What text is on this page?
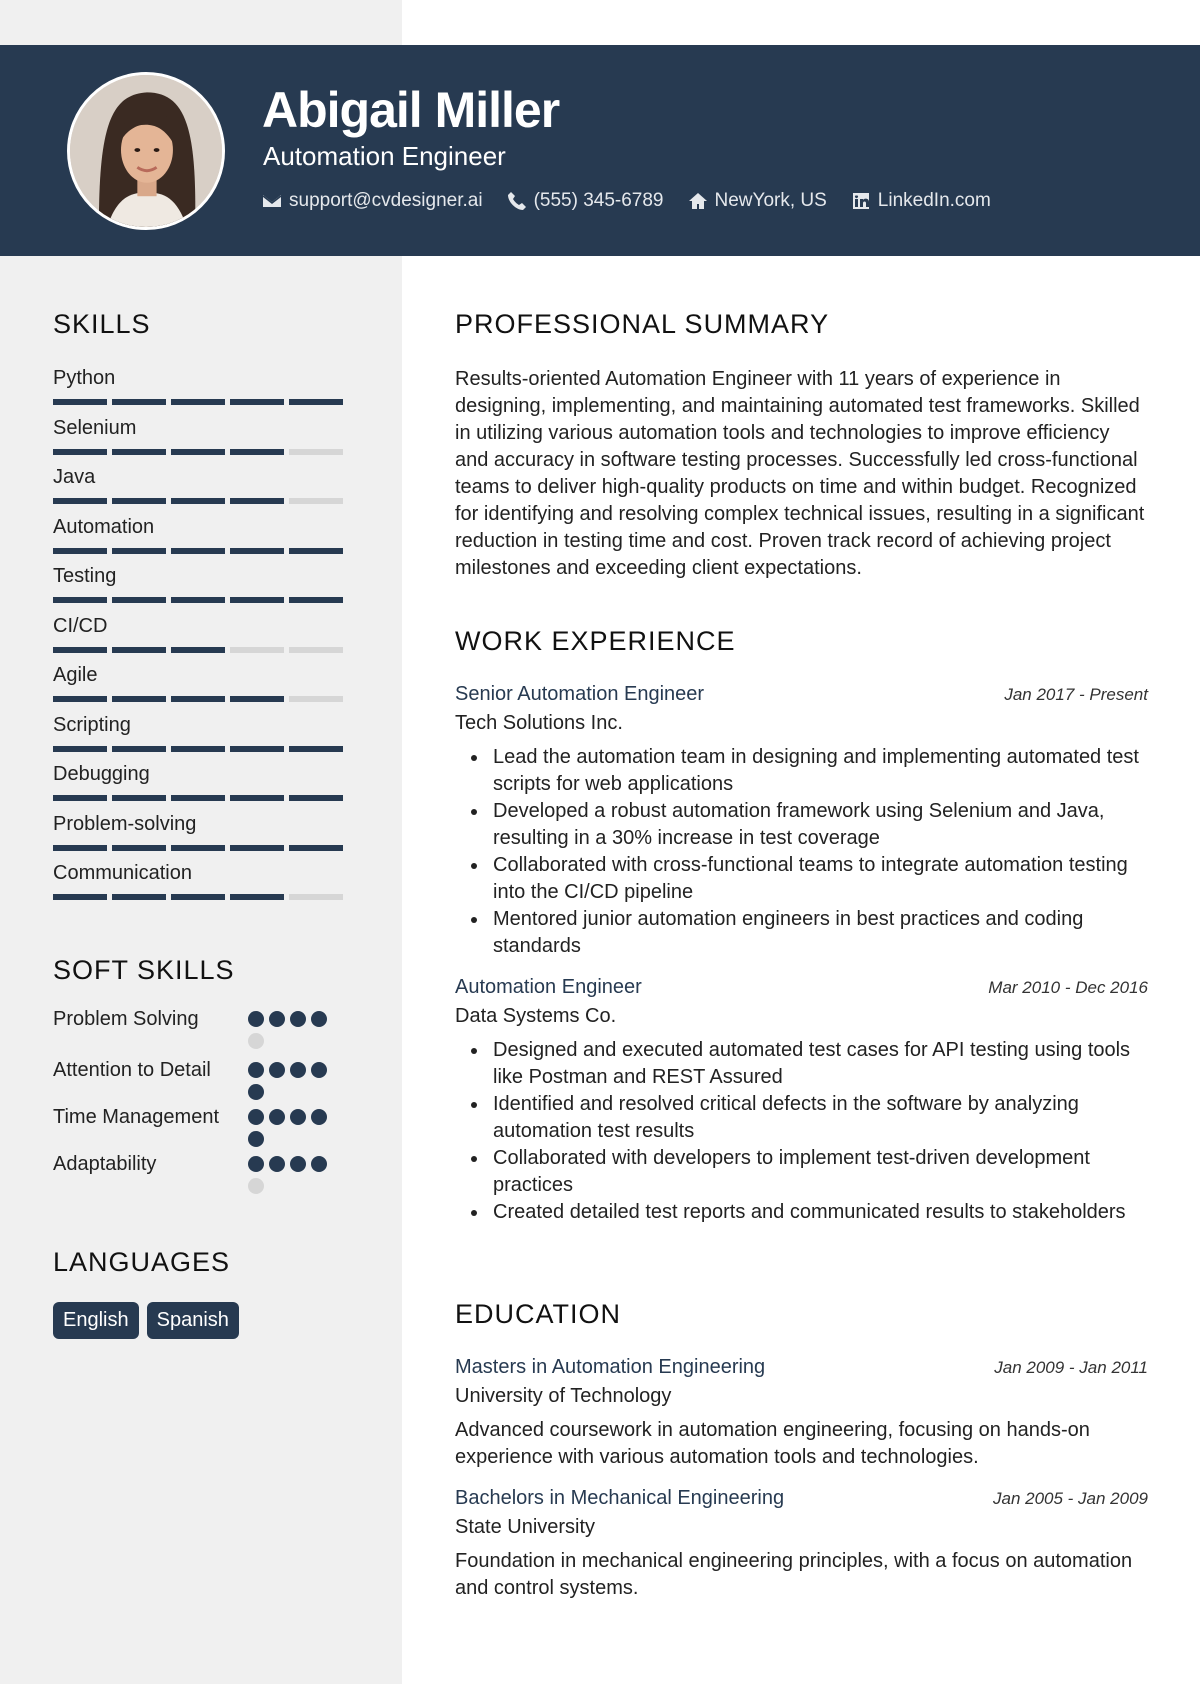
Abigail Miller
Automation Engineer
support@cvdesigner.ai	(555) 345-6789	NewYork, US	LinkedIn.com
SKILLS
Python
Selenium
Java
Automation
Testing
CI/CD
Agile
Scripting
Debugging
Problem-solving
Communication
SOFT SKILLS
Problem Solving
Attention to Detail
Time Management
Adaptability
LANGUAGES
English	Spanish
PROFESSIONAL SUMMARY

Results-oriented Automation Engineer with 11 years of experience in designing, implementing, and maintaining automated test frameworks. Skilled in utilizing various automation tools and technologies to improve efficiency and accuracy in software testing processes. Successfully led cross-functional teams to deliver high-quality products on time and within budget. Recognized for identifying and resolving complex technical issues, resulting in a significant reduction in testing time and cost. Proven track record of achieving project milestones and exceeding client expectations.

WORK EXPERIENCE
Senior Automation Engineer	Jan 2017 - Present
Tech Solutions Inc.
Lead the automation team in designing and implementing automated test scripts for web applications
Developed a robust automation framework using Selenium and Java, resulting in a 30% increase in test coverage
Collaborated with cross-functional teams to integrate automation testing into the CI/CD pipeline
Mentored junior automation engineers in best practices and coding standards
Automation Engineer	Mar 2010 - Dec 2016
Data Systems Co.
Designed and executed automated test cases for API testing using tools like Postman and REST Assured
Identified and resolved critical defects in the software by analyzing automation test results
Collaborated with developers to implement test-driven development practices
Created detailed test reports and communicated results to stakeholders
EDUCATION
Masters in Automation Engineering	Jan 2009 - Jan 2011
University of Technology

Advanced coursework in automation engineering, focusing on hands-on experience with various automation tools and technologies.

Bachelors in Mechanical Engineering	Jan 2005 - Jan 2009
State University

Foundation in mechanical engineering principles, with a focus on automation and control systems.
